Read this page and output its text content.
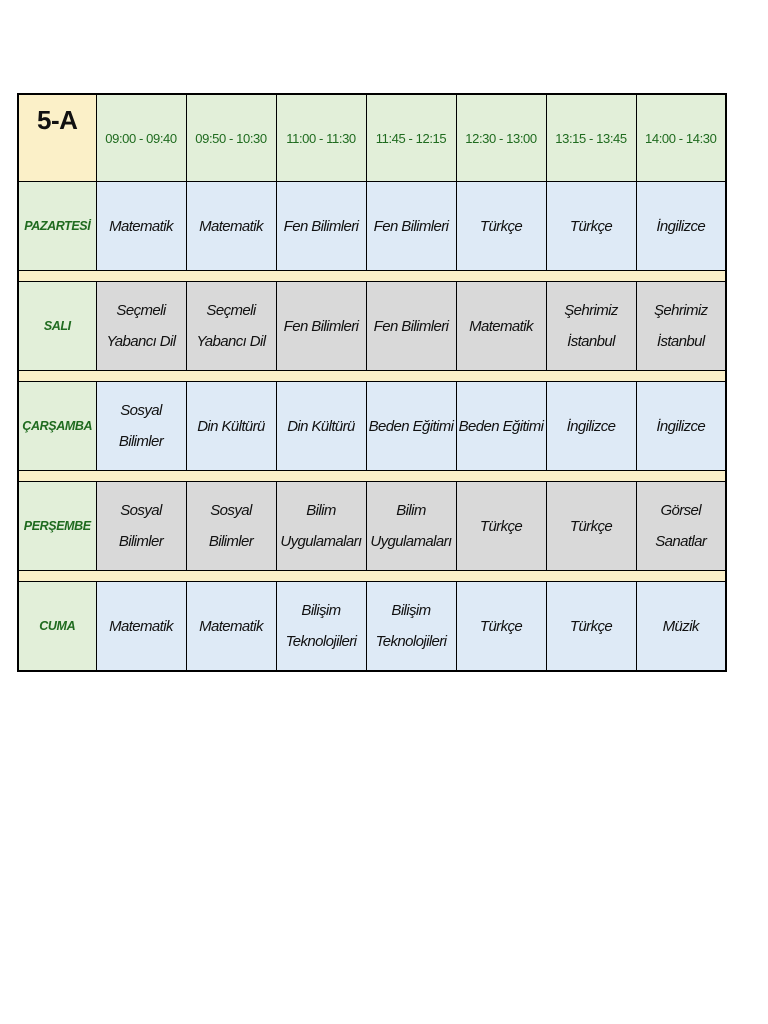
5-A	09:00 - 09:40	09:50 - 10:30	11:00 - 11:30	11:45 - 12:15	12:30 - 13:00	13:15 - 13:45	14:00 - 14:30
PAZARTESİ	Matematik	Matematik	Fen Bilimleri	Fen Bilimleri	Türkçe	Türkçe	İngilizce

SALI	Seçmeli Yabancı Dil	Seçmeli Yabancı Dil	Fen Bilimleri	Fen Bilimleri	Matematik	Şehrimiz İstanbul	Şehrimiz İstanbul

ÇARŞAMBA	Sosyal Bilimler	Din Kültürü	Din Kültürü	Beden Eğitimi	Beden Eğitimi	İngilizce	İngilizce

PERŞEMBE	Sosyal Bilimler	Sosyal Bilimler	Bilim Uygulamaları	Bilim Uygulamaları	Türkçe	Türkçe	Görsel Sanatlar

CUMA	Matematik	Matematik	Bilişim Teknolojileri	Bilişim Teknolojileri	Türkçe	Türkçe	Müzik
